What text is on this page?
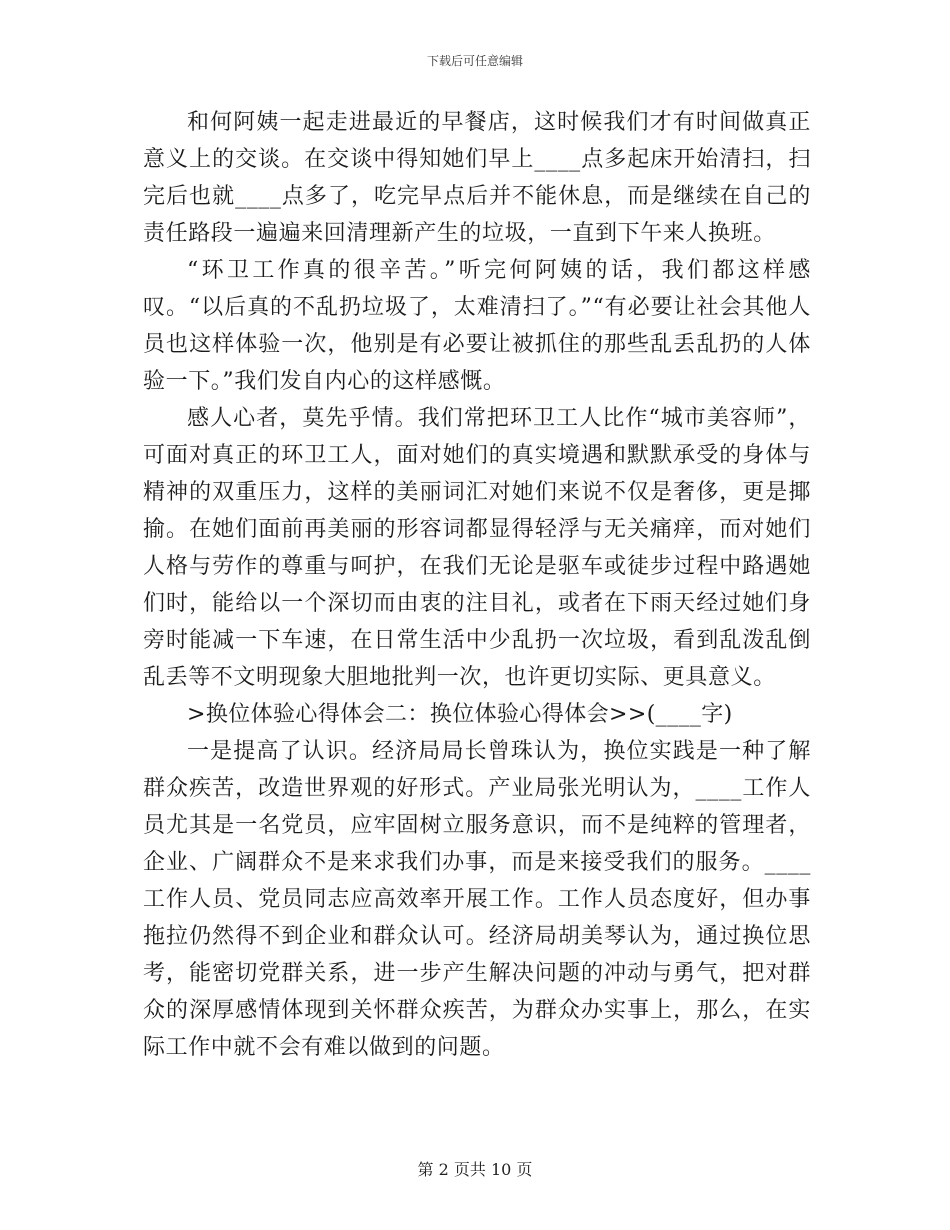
下载后可任意编辑

和何阿姨一起走进最近的早餐店，这时候我们才有时间做真正意义上的交谈。在交谈中得知她们早上____点多起床开始清扫，扫完后也就____点多了，吃完早点后并不能休息，而是继续在自己的责任路段一遍遍来回清理新产生的垃圾，一直到下午来人换班。

“环卫工作真的很辛苦。”听完何阿姨的话，我们都这样感叹。“以后真的不乱扔垃圾了，太难清扫了。”“有必要让社会其他人员也这样体验一次，他别是有必要让被抓住的那些乱丢乱扔的人体验一下。”我们发自内心的这样感慨。

感人心者，莫先乎情。我们常把环卫工人比作“城市美容师”，可面对真正的环卫工人，面对她们的真实境遇和默默承受的身体与精神的双重压力，这样的美丽词汇对她们来说不仅是奢侈，更是揶揄。在她们面前再美丽的形容词都显得轻浮与无关痛痒，而对她们人格与劳作的尊重与呵护，在我们无论是驱车或徒步过程中路遇她们时，能给以一个深切而由衷的注目礼，或者在下雨天经过她们身旁时能减一下车速，在日常生活中少乱扔一次垃圾，看到乱泼乱倒乱丢等不文明现象大胆地批判一次，也许更切实际、更具意义。

>换位体验心得体会二：换位体验心得体会>>(____字)

一是提高了认识。经济局局长曾珠认为，换位实践是一种了解群众疾苦，改造世界观的好形式。产业局张光明认为，____工作人员尤其是一名党员，应牢固树立服务意识，而不是纯粹的管理者，企业、广阔群众不是来求我们办事，而是来接受我们的服务。____工作人员、党员同志应高效率开展工作。工作人员态度好，但办事拖拉仍然得不到企业和群众认可。经济局胡美琴认为，通过换位思考，能密切党群关系，进一步产生解决问题的冲动与勇气，把对群众的深厚感情体现到关怀群众疾苦，为群众办实事上，那么，在实际工作中就不会有难以做到的问题。

第 2 页共 10 页
